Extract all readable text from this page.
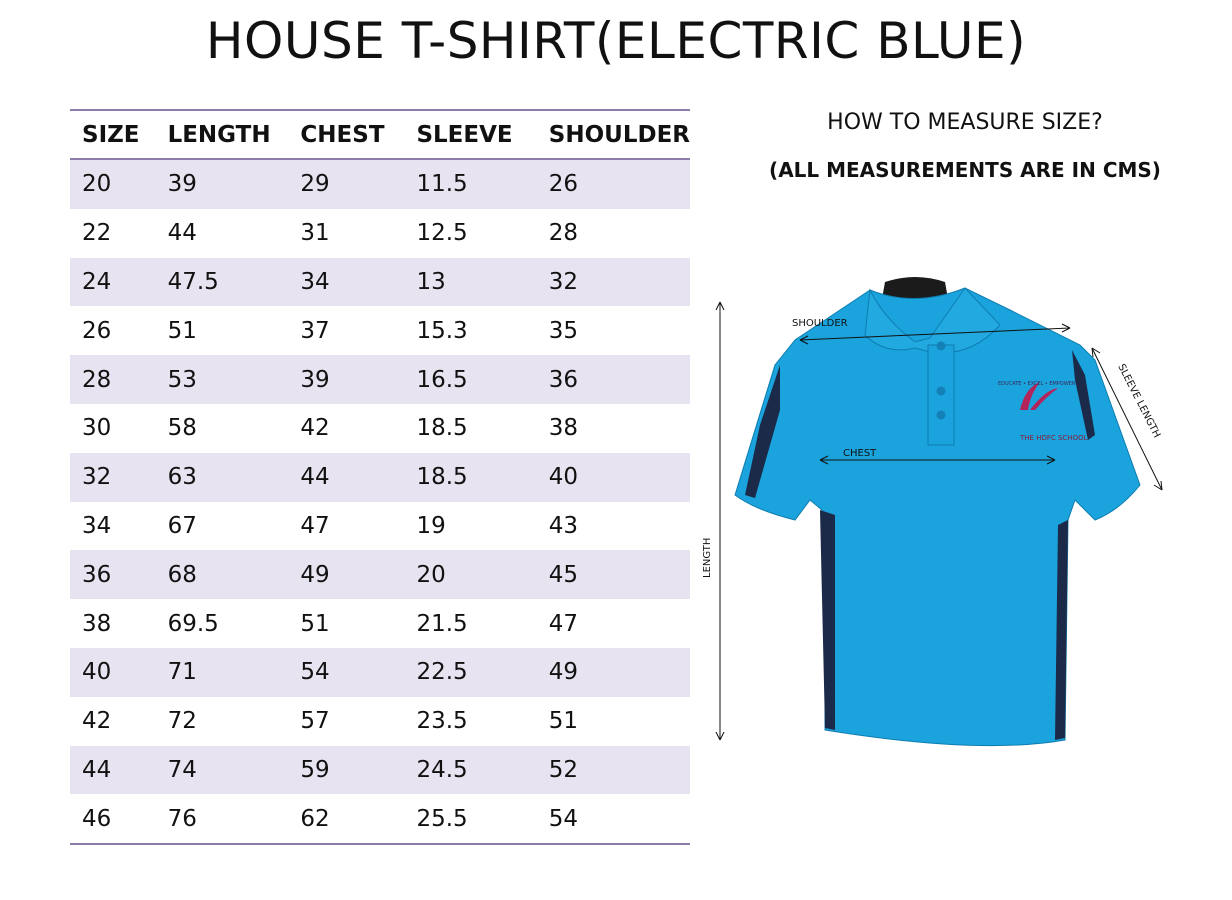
HOUSE T-SHIRT(ELECTRIC BLUE)
SIZE	LENGTH	CHEST	SLEEVE	SHOULDER
20	39	29	11.5	26
22	44	31	12.5	28
24	47.5	34	13	32
26	51	37	15.3	35
28	53	39	16.5	36
30	58	42	18.5	38
32	63	44	18.5	40
34	67	47	19	43
36	68	49	20	45
38	69.5	51	21.5	47
40	71	54	22.5	49
42	72	57	23.5	51
44	74	59	24.5	52
46	76	62	25.5	54
HOW TO MEASURE SIZE?
(ALL MEASUREMENTS ARE IN CMS)
THE HDFC SCHOOL
EDUCATE • EXCEL • EMPOWER
SHOULDER
CHEST
LENGTH
SLEEVE LENGTH
